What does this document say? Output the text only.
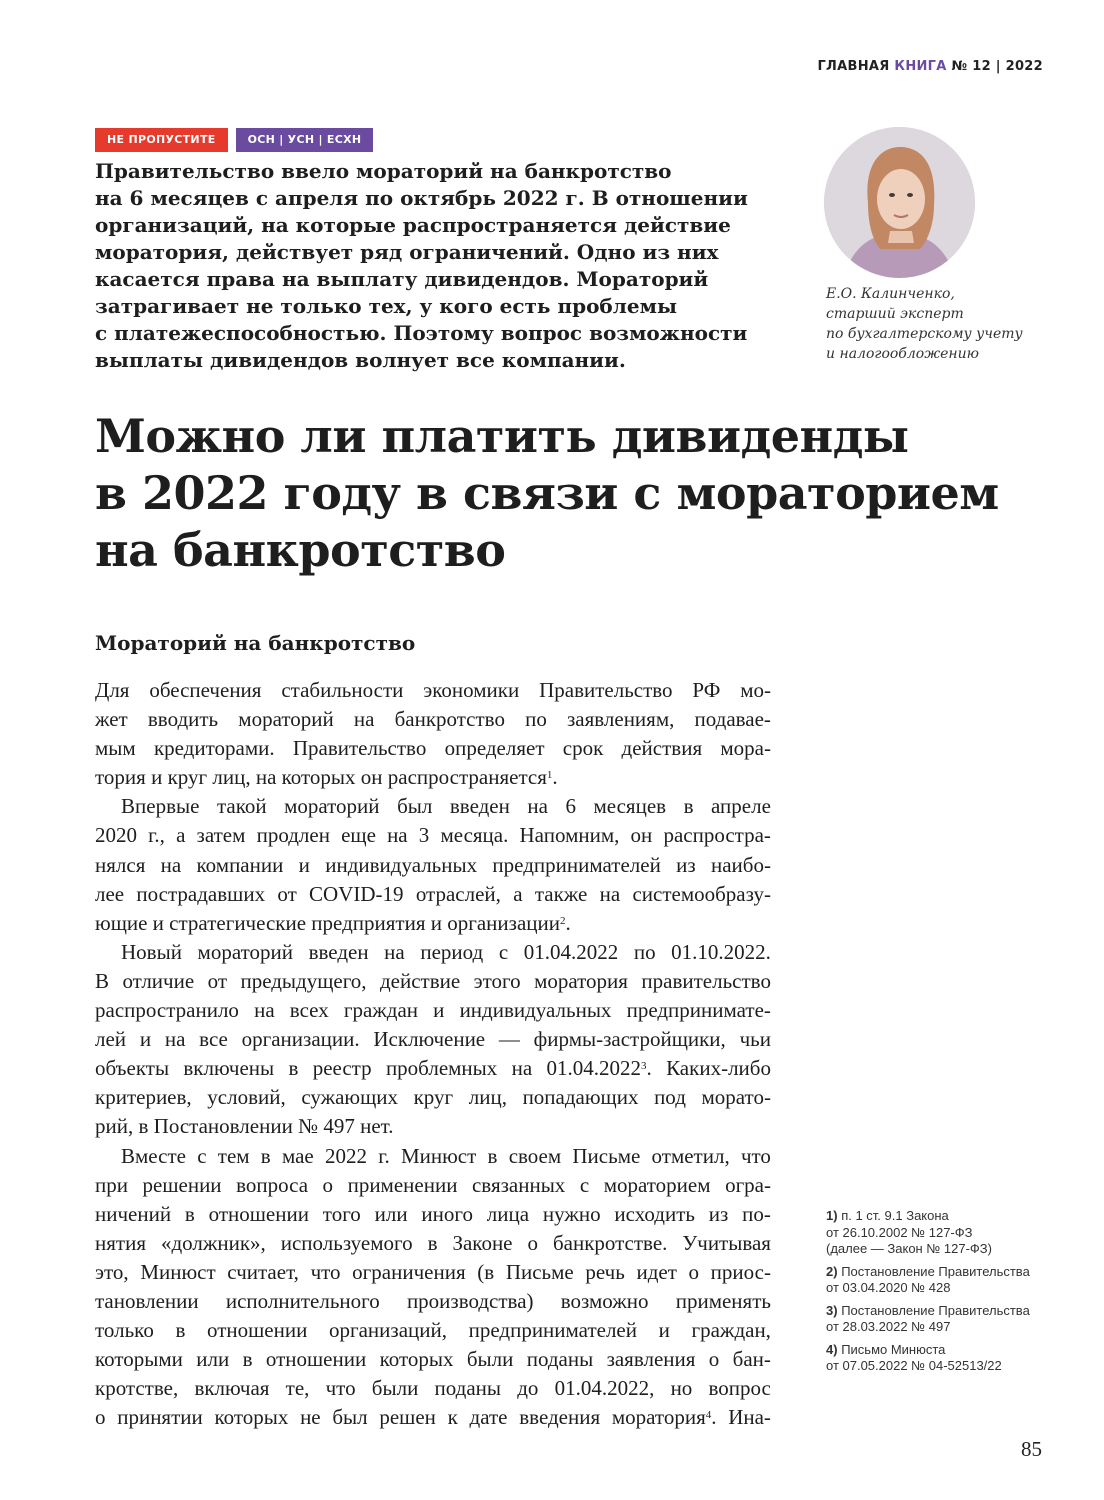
ГЛАВНАЯ КНИГА № 12 | 2022
НЕ ПРОПУСТИТЕ	ОСН | УСН | ЕСХН

Правительство ввело мораторий на банкротство
на 6 месяцев с апреля по октябрь 2022 г. В отношении
организаций, на которые распространяется действие
моратория, действует ряд ограничений. Одно из них
касается права на выплату дивидендов. Мораторий
затрагивает не только тех, у кого есть проблемы
с платежеспособностью. Поэтому вопрос возможности
выплаты дивидендов волнует все компании.

Е.О. Калинченко,
старший эксперт
по бухгалтерскому учету
и налогообложению
Можно ли платить дивиденды
в 2022 году в связи с мораторием
на банкротство
Мораторий на банкротство
Для обеспечения стабильности экономики Правительство РФ мо-
жет вводить мораторий на банкротство по заявлениям, подавае-
мым кредиторами. Правительство определяет срок действия мора-
тория и круг лиц, на которых он распространяется$^1$.
Впервые такой мораторий был введен на 6 месяцев в апреле
2020 г., а затем продлен еще на 3 месяца. Напомним, он распростра-
нялся на компании и индивидуальных предпринимателей из наибо-
лее пострадавших от COVID-19 отраслей, а также на системообразу-
ющие и стратегические предприятия и организации$^2$.
Новый мораторий введен на период с 01.04.2022 по 01.10.2022.
В отличие от предыдущего, действие этого моратория правительство
распространило на всех граждан и индивидуальных предпринимате-
лей и на все организации. Исключение — фирмы-застройщики, чьи
объекты включены в реестр проблемных на 01.04.2022$^3$. Каких-либо
критериев, условий, сужающих круг лиц, попадающих под морато-
рий, в Постановлении № 497 нет.
Вместе с тем в мае 2022 г. Минюст в своем Письме отметил, что
при решении вопроса о применении связанных с мораторием огра-
ничений в отношении того или иного лица нужно исходить из по-
нятия «должник», используемого в Законе о банкротстве. Учитывая
это, Минюст считает, что ограничения (в Письме речь идет о приос-
тановлении исполнительного производства) возможно применять
только в отношении организаций, предпринимателей и граждан,
которыми или в отношении которых были поданы заявления о бан-
кротстве, включая те, что были поданы до 01.04.2022, но вопрос
о принятии которых не был решен к дате введения моратория$^4$. Ина-
1) п. 1 ст. 9.1 Закона
от 26.10.2002 № 127-ФЗ
(далее — Закон № 127-ФЗ)
2) Постановление Правительства
от 03.04.2020 № 428
3) Постановление Правительства
от 28.03.2022 № 497
4) Письмо Минюста
от 07.05.2022 № 04-52513/22
85
